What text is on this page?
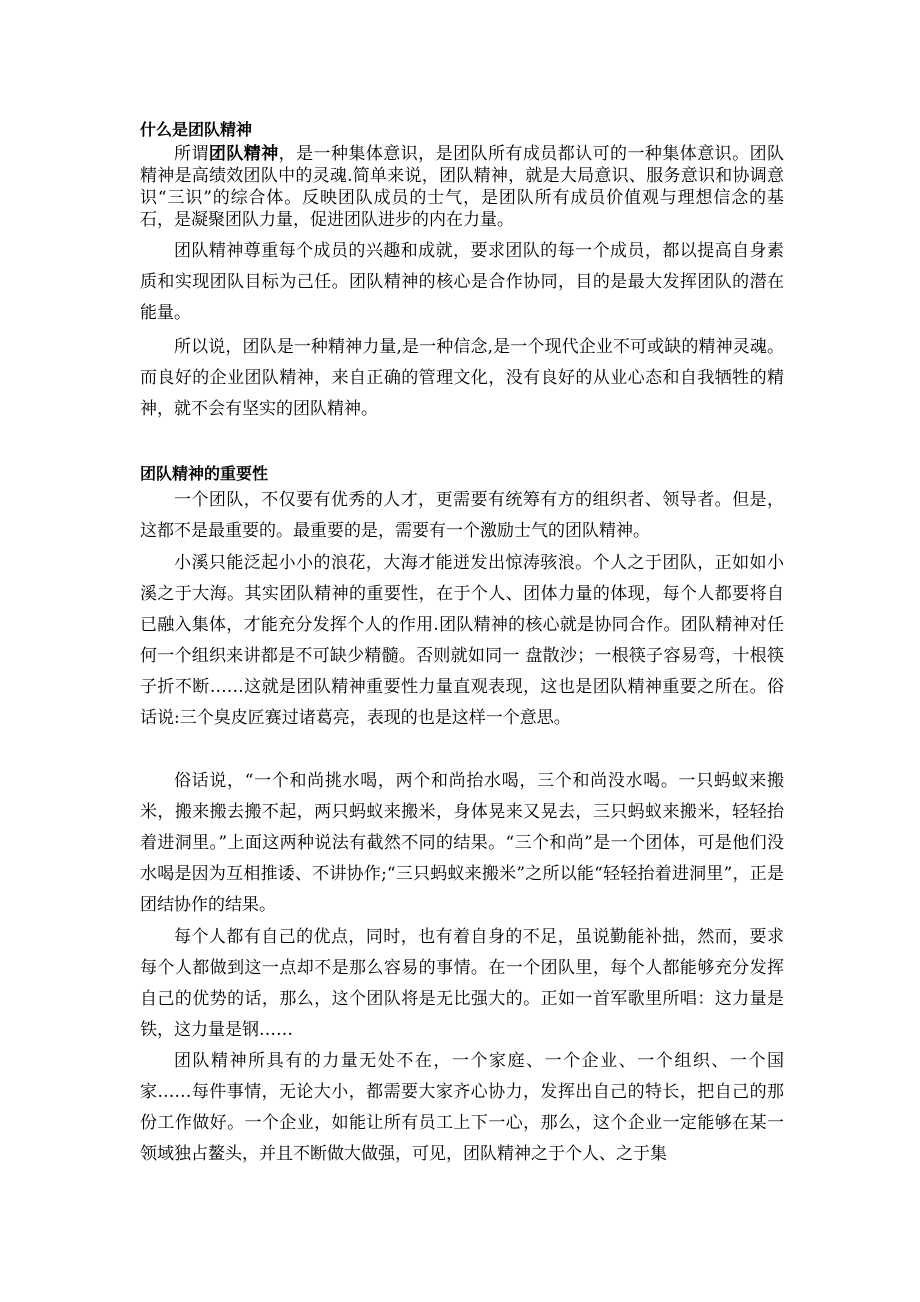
什么是团队精神

所谓团队精神，是一种集体意识，是团队所有成员都认可的一种集体意识。团队精神是高绩效团队中的灵魂.简单来说，团队精神，就是大局意识、服务意识和协调意识“三识”的综合体。反映团队成员的士气，是团队所有成员价值观与理想信念的基石，是凝聚团队力量，促进团队进步的内在力量。

团队精神尊重每个成员的兴趣和成就，要求团队的每一个成员，都以提高自身素质和实现团队目标为己任。团队精神的核心是合作协同，目的是最大发挥团队的潜在能量。

所以说，团队是一种精神力量,是一种信念,是一个现代企业不可或缺的精神灵魂。而良好的企业团队精神，来自正确的管理文化，没有良好的从业心态和自我牺牲的精神，就不会有坚实的团队精神。

团队精神的重要性

一个团队，不仅要有优秀的人才，更需要有统筹有方的组织者、领导者。但是，这都不是最重要的。最重要的是，需要有一个激励士气的团队精神。

小溪只能泛起小小的浪花，大海才能迸发出惊涛骇浪。个人之于团队，正如如小溪之于大海。其实团队精神的重要性，在于个人、团体力量的体现，每个人都要将自已融入集体，才能充分发挥个人的作用.团队精神的核心就是协同合作。团队精神对任何一个组织来讲都是不可缺少精髓。否则就如同一 盘散沙；一根筷子容易弯，十根筷子折不断……这就是团队精神重要性力量直观表现，这也是团队精神重要之所在。俗话说:三个臭皮匠赛过诸葛亮，表现的也是这样一个意思。

俗话说，“一个和尚挑水喝，两个和尚抬水喝，三个和尚没水喝。一只蚂蚁来搬米，搬来搬去搬不起，两只蚂蚁来搬米，身体晃来又晃去，三只蚂蚁来搬米，轻轻抬着进洞里。”上面这两种说法有截然不同的结果。“三个和尚”是一个团体，可是他们没水喝是因为互相推诿、不讲协作;“三只蚂蚁来搬米”之所以能“轻轻抬着进洞里”，正是团结协作的结果。

每个人都有自己的优点，同时，也有着自身的不足，虽说勤能补拙，然而，要求每个人都做到这一点却不是那么容易的事情。在一个团队里，每个人都能够充分发挥自己的优势的话，那么，这个团队将是无比强大的。正如一首军歌里所唱：这力量是铁，这力量是钢……

团队精神所具有的力量无处不在，一个家庭、一个企业、一个组织、一个国家……每件事情，无论大小，都需要大家齐心协力，发挥出自己的特长，把自己的那份工作做好。一个企业，如能让所有员工上下一心，那么，这个企业一定能够在某一领域独占鳌头，并且不断做大做强，可见，团队精神之于个人、之于集
